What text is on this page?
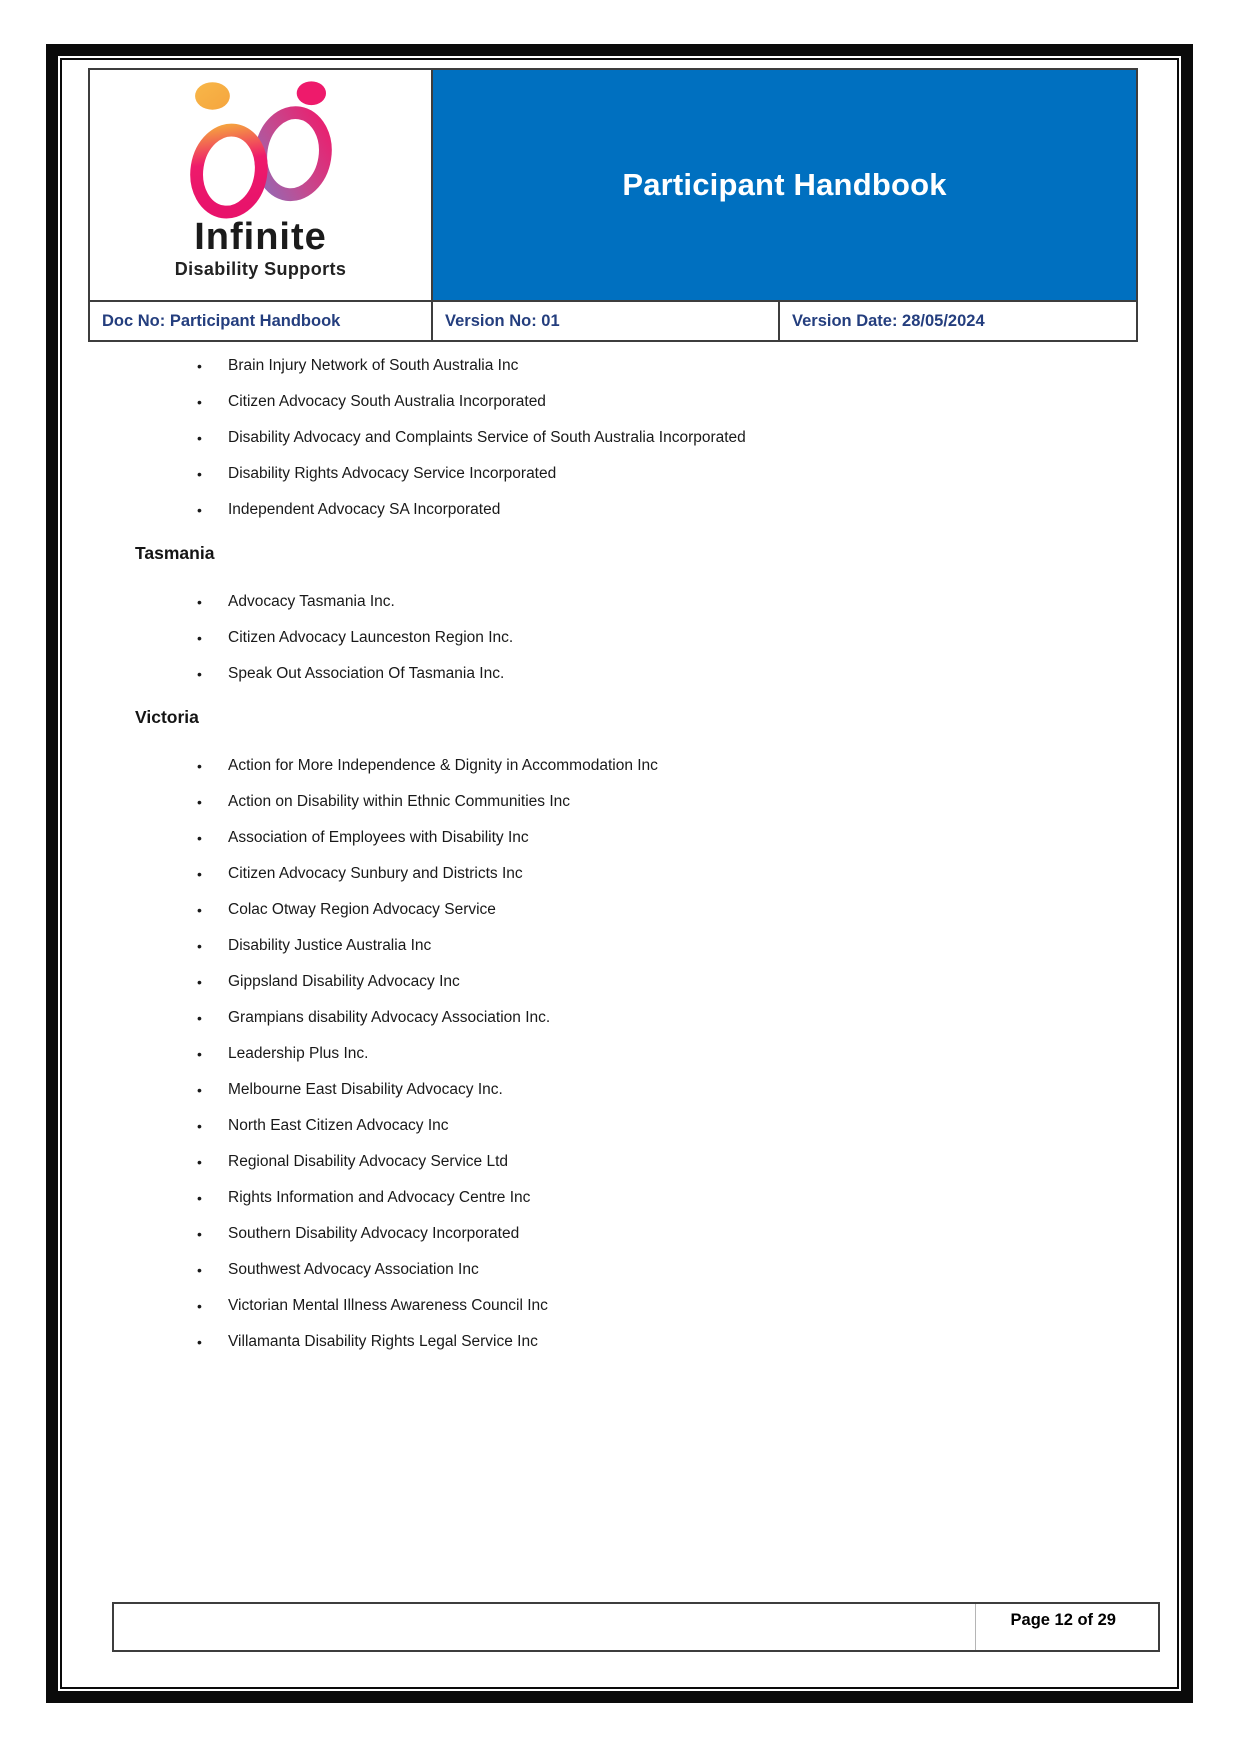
Infinite
Disability Supports
Participant Handbook
Doc No: Participant Handbook	Version No: 01	Version Date: 28/05/2024
•	Brain Injury Network of South Australia Inc
•	Citizen Advocacy South Australia Incorporated
•	Disability Advocacy and Complaints Service of South Australia Incorporated
•	Disability Rights Advocacy Service Incorporated
•	Independent Advocacy SA Incorporated
Tasmania
•	Advocacy Tasmania Inc.
•	Citizen Advocacy Launceston Region Inc.
•	Speak Out Association Of Tasmania Inc.
Victoria
•	Action for More Independence & Dignity in Accommodation Inc
•	Action on Disability within Ethnic Communities Inc
•	Association of Employees with Disability Inc
•	Citizen Advocacy Sunbury and Districts Inc
•	Colac Otway Region Advocacy Service
•	Disability Justice Australia Inc
•	Gippsland Disability Advocacy Inc
•	Grampians disability Advocacy Association Inc.
•	Leadership Plus Inc.
•	Melbourne East Disability Advocacy Inc.
•	North East Citizen Advocacy Inc
•	Regional Disability Advocacy Service Ltd
•	Rights Information and Advocacy Centre Inc
•	Southern Disability Advocacy Incorporated
•	Southwest Advocacy Association Inc
•	Victorian Mental Illness Awareness Council Inc
•	Villamanta Disability Rights Legal Service Inc
Page 12 of 29
